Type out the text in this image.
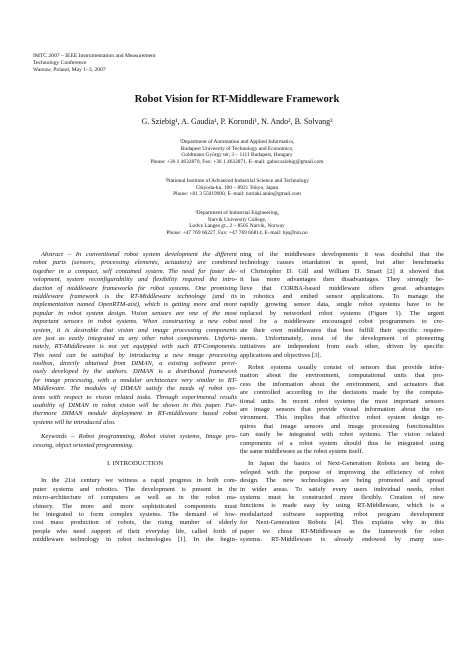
IMTC 2007 – IEEE Instrumentation and Measurement
Technology Conference
Warsaw, Poland, May 1–3, 2007
Robot Vision for RT-Middleware Framework
G. Sziebig¹, A. Gaudia¹, P. Korondi¹, N. Ando², B. Solvang³
¹Department of Automation and Applied Informatics,
Budapest University of Technology and Economics,
Goldmann György tér, 3 – 1111 Budapest, Hungary
Phone: +36 1 4632870, Fax: +36 1 4632871, E–mail: gabor.sziebig@gmail.com
²National Institute of Advanced Industrial Science and Technology
Chiyoda-ku, 100 – 8921 Tokyo, Japan
Phone: +81 3 55019900, E–mail: noriaki.ando@gmail.com
³Department of Industrial Engineering,
Narvik University College,
Lodve Langes gt., 2 – 8505 Narvik, Norway
Phone: +47 769 66227, Fax: +47 769 66814, E–mail: bjs@hin.no
Abstract – In conventional robot system development the different
robot parts (sensors, processing elements, actuators) are combined
together in a compact, self contained system. The need for faster de-
velopment, system reconfigurability and flexibility required the intro-
duction of middleware frameworks for robot systems. One promising
middleware framework is the RT-Middleware technology (and its
implementation named OpenRTM-aist), which is getting more and more
popular in robot system design. Vision sensors are one of the most
important sensors in robot systems. When constructing a new robot
system, it is desirable that vision and image processing components
are just as easily integrated as any other robot components. Unfortu-
nately, RT-Middleware is not yet equipped with such RT-Components.
This need can be satisfied by introducing a new image processing
toolbox, directly obtained from DIMAN, a existing software previ-
ously developed by the authors. DIMAN is a distributed framework
for image processing, with a modular architecture very similar to RT-
Middleware. The modules of DIMAN satisfy the needs of robot sys-
tems with respect to vision related tasks. Through experimental results
usability of DIMAN in robot vision will be shown in this paper. Fur-
thermore DIMAN module deployment in RT-middleware based robot
systems will be introduced also.
Keywords – Robot programming, Robot vision systems, Image pro-
cessing, object oriented programming.
I. INTRODUCTION
In the 21st century we witness a rapid progress in both com-
puter systems and robotics. The development is present in the
micro-architecture of computers as well as in the robot ma-
chinery. The more and more sophisticated components must
be integrated to form complex systems. The demand of low-
cost mass production of robots, the rising number of elderly
people who need support of their everyday life, called forth of
middleware technology in robot technologies [1]. In the begin-
ning of the middleware developments it was doubtful that the
technology causes retardation in speed, but after benchmarks
of Christopher D. Gill and William D. Smart [2] it showed that
it has more advantages then disadvantages. They strongly be-
lieve that CORBA-based middleware offers great advantages
in robotics and embed sensor applications. To manage the
rapidly growing sensor data, single robot systems have to be
replaced by networked robot systems (Figure 1). The urgent
need for a middleware encouraged robot programmers to cre-
ate their own middlewares that best fulfill their specific require-
ments. Unfortunately, most of the development of pioneering
initiatives are independent from each other, driven by specific
applications and objectives [3].
Robot systems usually consist of sensors that provide infor-
mation about the environment, computational units that pro-
cess the information about the environment, and actuators that
are controlled according to the decisions made by the computa-
tional units. In recent robot systems the most important sensors
are image sensors that provide visual information about the en-
vironment. This implies that effective robot system design re-
quires that image sensors and image processing functionalities
can easily be integrated with robot systems. The vision related
components of a robot system should thus be integrated using
the same middleware as the robot system itself.
In Japan the basics of Next-Generation Robots are being de-
veloped with the purpose of improving the efficiency of robot
design. The new technologies are being promoted and spread
in wider areas. To satisfy every users individual needs, robot
systems must be constructed more flexibly. Creation of new
functions is made easy by using RT-Middleware, which is a
modularized software supporting robot program development
for Next-Generation Robots [4]. This explains why in this
paper we chose RT-Middleware as the framework for robot
systems. RT-Middleware is already endowed by many use-
